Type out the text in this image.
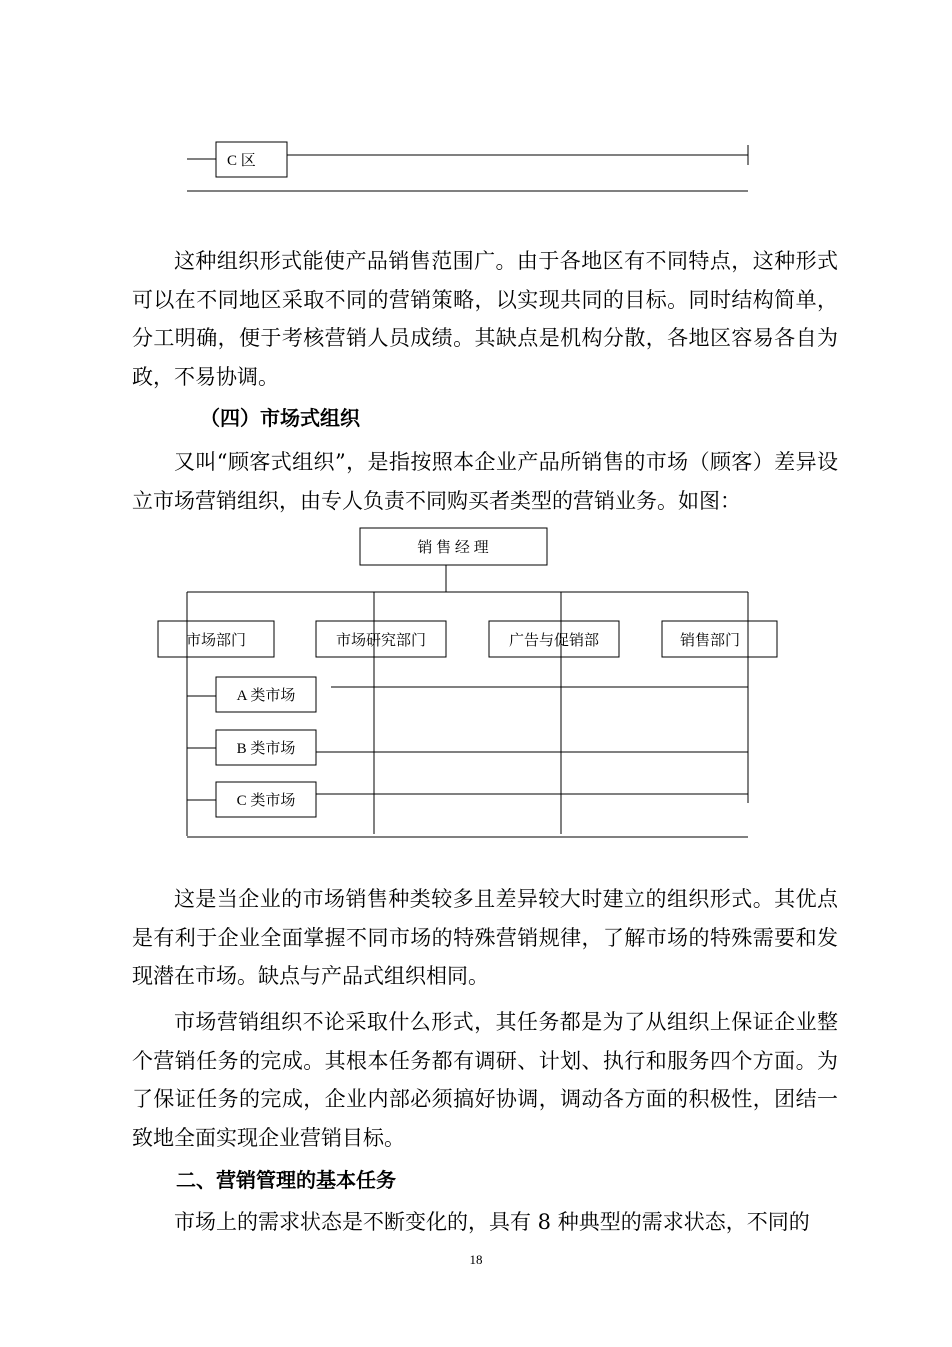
C 区

这种组织形式能使产品销售范围广。由于各地区有不同特点，这种形式可以在不同地区采取不同的营销策略，以实现共同的目标。同时结构简单，分工明确，便于考核营销人员成绩。其缺点是机构分散，各地区容易各自为政，不易协调。

（四）市场式组织

又叫“顾客式组织”，是指按照本企业产品所销售的市场（顾客）差异设立市场营销组织，由专人负责不同购买者类型的营销业务。如图：

销 售 经 理
市场部门	市场研究部门	广告与促销部	销售部门
A 类市场
B 类市场
C 类市场

这是当企业的市场销售种类较多且差异较大时建立的组织形式。其优点是有利于企业全面掌握不同市场的特殊营销规律，了解市场的特殊需要和发现潜在市场。缺点与产品式组织相同。

市场营销组织不论采取什么形式，其任务都是为了从组织上保证企业整个营销任务的完成。其根本任务都有调研、计划、执行和服务四个方面。为了保证任务的完成，企业内部必须搞好协调，调动各方面的积极性，团结一致地全面实现企业营销目标。

二、营销管理的基本任务

市场上的需求状态是不断变化的，具有 8 种典型的需求状态，不同的

18
